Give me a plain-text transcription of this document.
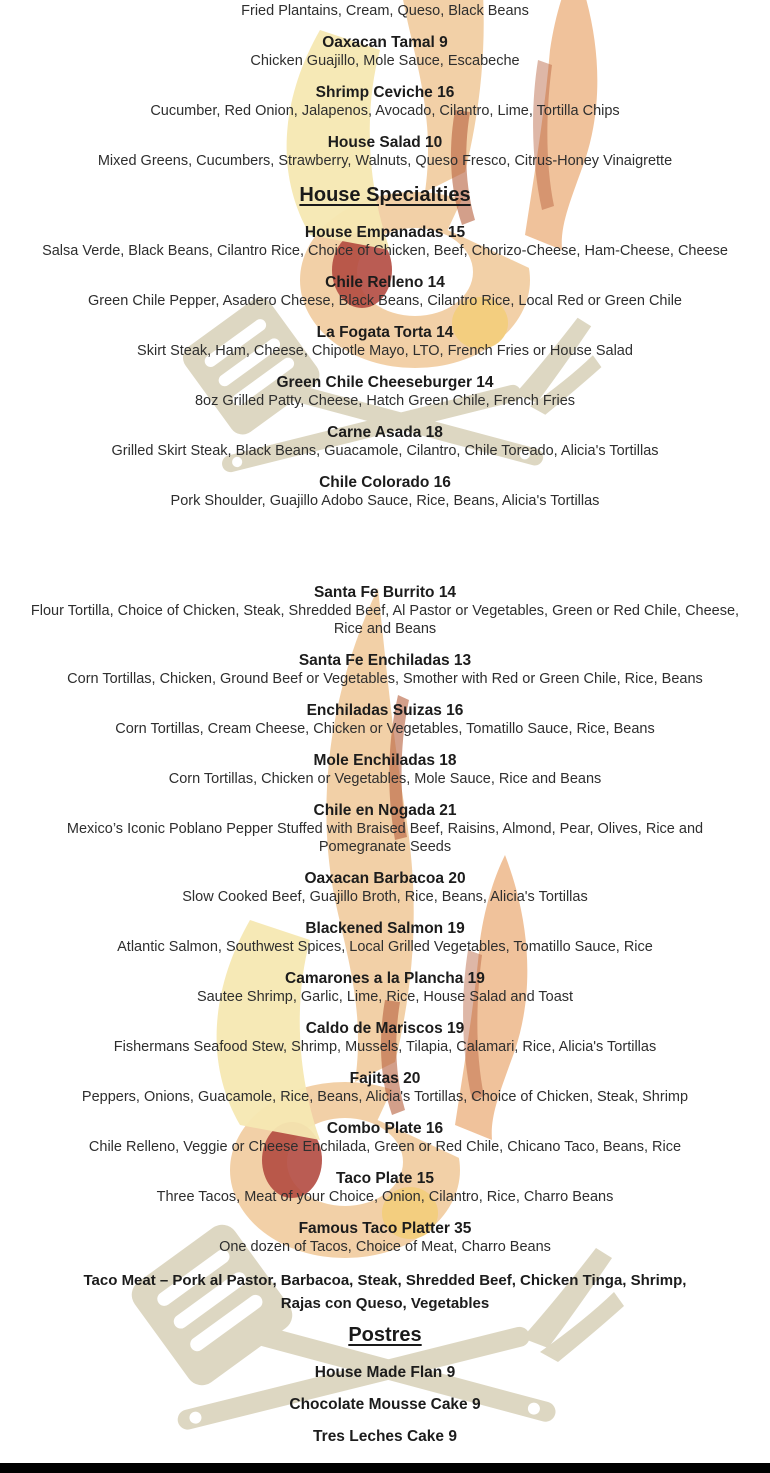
Fried Plantains, Cream, Queso, Black Beans
Oaxacan Tamal 9
Chicken Guajillo, Mole Sauce, Escabeche
Shrimp Ceviche 16
Cucumber, Red Onion, Jalapenos, Avocado, Cilantro, Lime, Tortilla Chips
House Salad 10
Mixed Greens, Cucumbers, Strawberry, Walnuts, Queso Fresco, Citrus-Honey Vinaigrette
House Specialties
House Empanadas 15
Salsa Verde, Black Beans, Cilantro Rice, Choice of Chicken, Beef, Chorizo-Cheese, Ham-Cheese, Cheese
Chile Relleno 14
Green Chile Pepper, Asadero Cheese, Black Beans, Cilantro Rice, Local Red or Green Chile
La Fogata Torta 14
Skirt Steak, Ham, Cheese, Chipotle Mayo, LTO, French Fries or House Salad
Green Chile Cheeseburger 14
8oz Grilled Patty, Cheese, Hatch Green Chile, French Fries
Carne Asada 18
Grilled Skirt Steak, Black Beans, Guacamole, Cilantro, Chile Toreado, Alicia's Tortillas
Chile Colorado 16
Pork Shoulder, Guajillo Adobo Sauce, Rice, Beans, Alicia's Tortillas
Santa Fe Burrito 14
Flour Tortilla, Choice of Chicken, Steak, Shredded Beef, Al Pastor or Vegetables, Green or Red Chile, Cheese, Rice and Beans
Santa Fe Enchiladas 13
Corn Tortillas, Chicken, Ground Beef or Vegetables, Smother with Red or Green Chile, Rice, Beans
Enchiladas Suizas 16
Corn Tortillas, Cream Cheese, Chicken or Vegetables, Tomatillo Sauce, Rice, Beans
Mole Enchiladas 18
Corn Tortillas, Chicken or Vegetables, Mole Sauce, Rice and Beans
Chile en Nogada 21
Mexico’s Iconic Poblano Pepper Stuffed with Braised Beef, Raisins, Almond, Pear, Olives, Rice and Pomegranate Seeds
Oaxacan Barbacoa 20
Slow Cooked Beef, Guajillo Broth, Rice, Beans, Alicia's Tortillas
Blackened Salmon 19
Atlantic Salmon, Southwest Spices, Local Grilled Vegetables, Tomatillo Sauce, Rice
Camarones a la Plancha 19
Sautee Shrimp, Garlic, Lime, Rice, House Salad and Toast
Caldo de Mariscos 19
Fishermans Seafood Stew, Shrimp, Mussels, Tilapia, Calamari, Rice, Alicia's Tortillas
Fajitas 20
Peppers, Onions, Guacamole, Rice, Beans, Alicia's Tortillas, Choice of Chicken, Steak, Shrimp
Combo Plate 16
Chile Relleno, Veggie or Cheese Enchilada, Green or Red Chile, Chicano Taco, Beans, Rice
Taco Plate 15
Three Tacos, Meat of your Choice, Onion, Cilantro, Rice, Charro Beans
Famous Taco Platter 35
One dozen of Tacos, Choice of Meat, Charro Beans
Taco Meat – Pork al Pastor, Barbacoa, Steak, Shredded Beef, Chicken Tinga, Shrimp, Rajas con Queso, Vegetables
Postres
House Made Flan 9
Chocolate Mousse Cake 9
Tres Leches Cake 9
